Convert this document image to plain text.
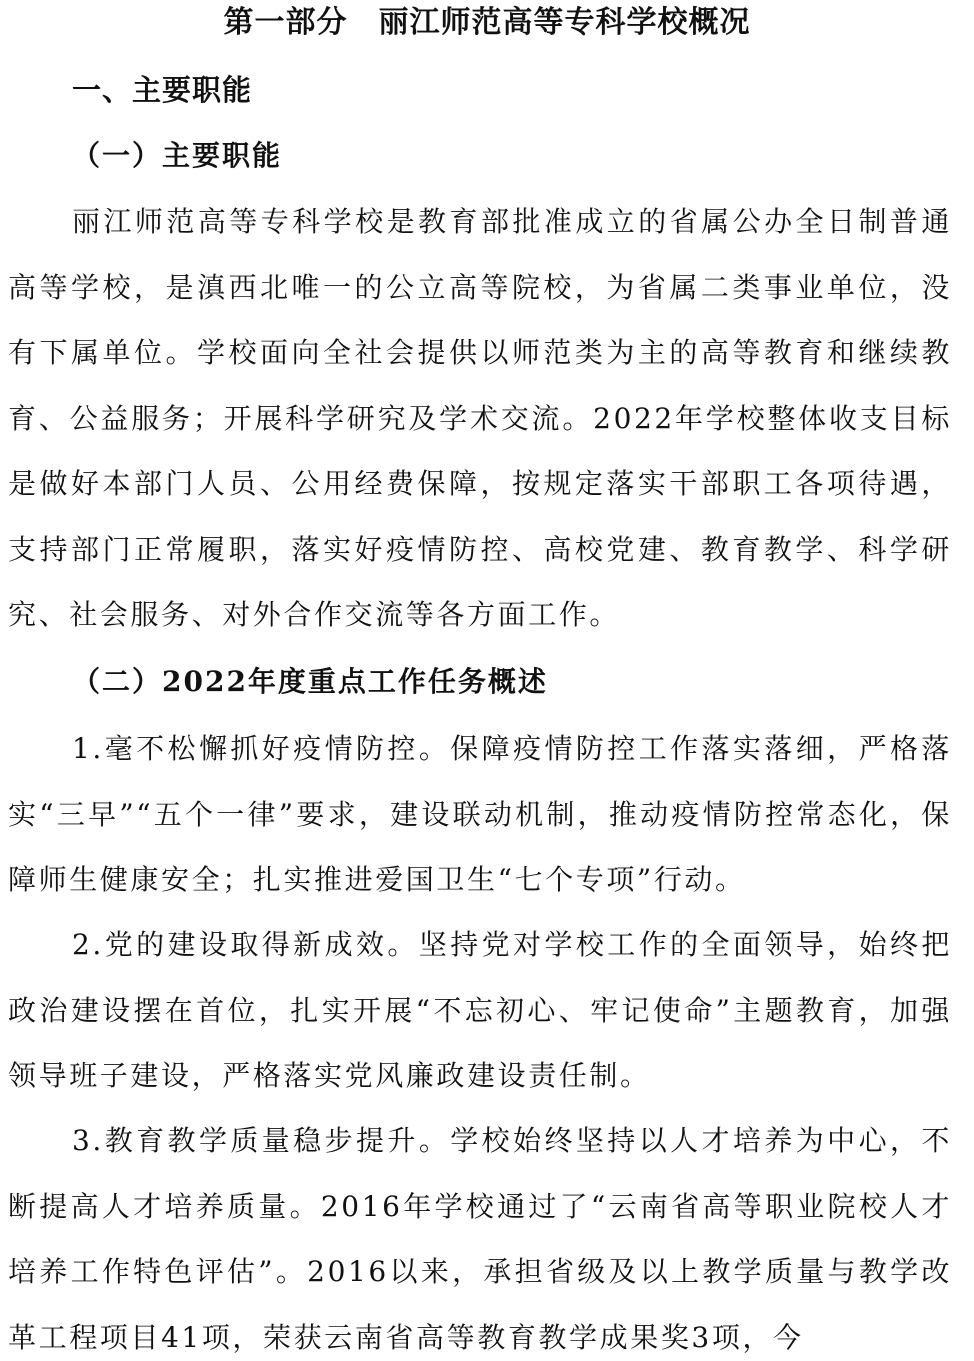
第一部分　丽江师范高等专科学校概况
一、主要职能
（一）主要职能

丽江师范高等专科学校是教育部批准成立的省属公办全日制普通高等学校，是滇西北唯一的公立高等院校，为省属二类事业单位，没有下属单位。学校面向全社会提供以师范类为主的高等教育和继续教育、公益服务；开展科学研究及学术交流。2022年学校整体收支目标是做好本部门人员、公用经费保障，按规定落实干部职工各项待遇，支持部门正常履职，落实好疫情防控、高校党建、教育教学、科学研究、社会服务、对外合作交流等各方面工作。

（二）2022年度重点工作任务概述

1.毫不松懈抓好疫情防控。保障疫情防控工作落实落细，严格落实“三早”“五个一律”要求，建设联动机制，推动疫情防控常态化，保障师生健康安全；扎实推进爱国卫生“七个专项”行动。

2.党的建设取得新成效。坚持党对学校工作的全面领导，始终把政治建设摆在首位，扎实开展“不忘初心、牢记使命”主题教育，加强领导班子建设，严格落实党风廉政建设责任制。

3.教育教学质量稳步提升。学校始终坚持以人才培养为中心，不断提高人才培养质量。2016年学校通过了“云南省高等职业院校人才培养工作特色评估”。2016以来，承担省级及以上教学质量与教学改革工程项目41项，荣获云南省高等教育教学成果奖3项，今
